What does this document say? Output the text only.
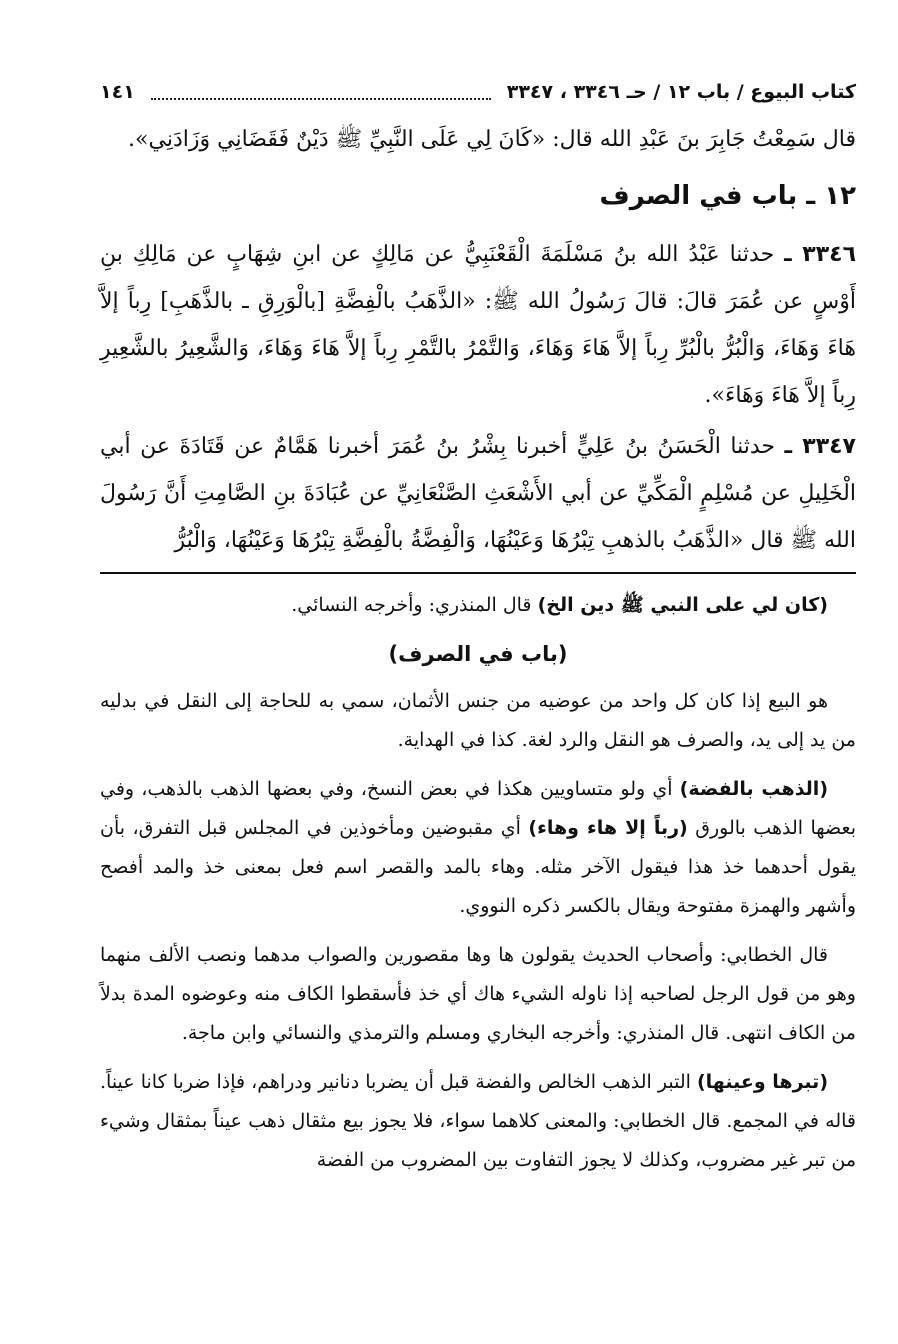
كتاب البيوع / باب ١٢ / حـ ٣٣٤٦ ، ٣٣٤٧
١٤١

قال سَمِعْتُ جَابِرَ بنَ عَبْدِ الله قال: «كَانَ لِي عَلَى النَّبِيِّ ﷺ دَيْنٌ فَقَضَانِي وَزَادَنِي».

١٢ ـ باب في الصرف

٣٣٤٦ ـ حدثنا عَبْدُ الله بنُ مَسْلَمَةَ الْقَعْنَبِيُّ عن مَالِكٍ عن ابنِ شِهَابٍ عن مَالِكِ بنِ أَوْسٍ عن عُمَرَ قالَ: قالَ رَسُولُ الله ﷺ: «الذَّهَبُ بالْفِضَّةِ [بالْوَرِقِ ـ بالذَّهَبِ] رِباً إلاَّ هَاءَ وَهَاءَ، وَالْبُرُّ بالْبُرِّ رِباً إلاَّ هَاءَ وَهَاءَ، وَالتَّمْرُ بالتَّمْرِ رِباً إلاَّ هَاءَ وَهَاءَ، وَالشَّعِيرُ بالشَّعِيرِ رِباً إلاَّ هَاءَ وَهَاءَ».

٣٣٤٧ ـ حدثنا الْحَسَنُ بنُ عَلِيٍّ أخبرنا بِشْرُ بنُ عُمَرَ أخبرنا هَمَّامٌ عن قَتَادَةَ عن أبي الْخَلِيلِ عن مُسْلِمٍ الْمَكِّيِّ عن أبي الأَشْعَثِ الصَّنْعَانِيِّ عن عُبَادَةَ بنِ الصَّامِتِ أَنَّ رَسُولَ الله ﷺ قال «الذَّهَبُ بالذهبِ تِبْرُهَا وَعَيْنُهَا، وَالْفِضَّةُ بالْفِضَّةِ تِبْرُهَا وَعَيْنُهَا، وَالْبُرُّ

(كان لي على النبي ﷺ دين الخ) قال المنذري: وأخرجه النسائي.

(باب في الصرف)

هو البيع إذا كان كل واحد من عوضيه من جنس الأثمان، سمي به للحاجة إلى النقل في بدليه من يد إلى يد، والصرف هو النقل والرد لغة. كذا في الهداية.

(الذهب بالفضة) أي ولو متساويين هكذا في بعض النسخ، وفي بعضها الذهب بالذهب، وفي بعضها الذهب بالورق (رباً إلا هاء وهاء) أي مقبوضين ومأخوذين في المجلس قبل التفرق، بأن يقول أحدهما خذ هذا فيقول الآخر مثله. وهاء بالمد والقصر اسم فعل بمعنى خذ والمد أفصح وأشهر والهمزة مفتوحة ويقال بالكسر ذكره النووي.

قال الخطابي: وأصحاب الحديث يقولون ها وها مقصورين والصواب مدهما ونصب الألف منهما وهو من قول الرجل لصاحبه إذا ناوله الشيء هاك أي خذ فأسقطوا الكاف منه وعوضوه المدة بدلاً من الكاف انتهى. قال المنذري: وأخرجه البخاري ومسلم والترمذي والنسائي وابن ماجة.

(تبرها وعينها) التبر الذهب الخالص والفضة قبل أن يضربا دنانير ودراهم، فإذا ضربا كانا عيناً. قاله في المجمع. قال الخطابي: والمعنى كلاهما سواء، فلا يجوز بيع مثقال ذهب عيناً بمثقال وشيء من تبر غير مضروب، وكذلك لا يجوز التفاوت بين المضروب من الفضة
